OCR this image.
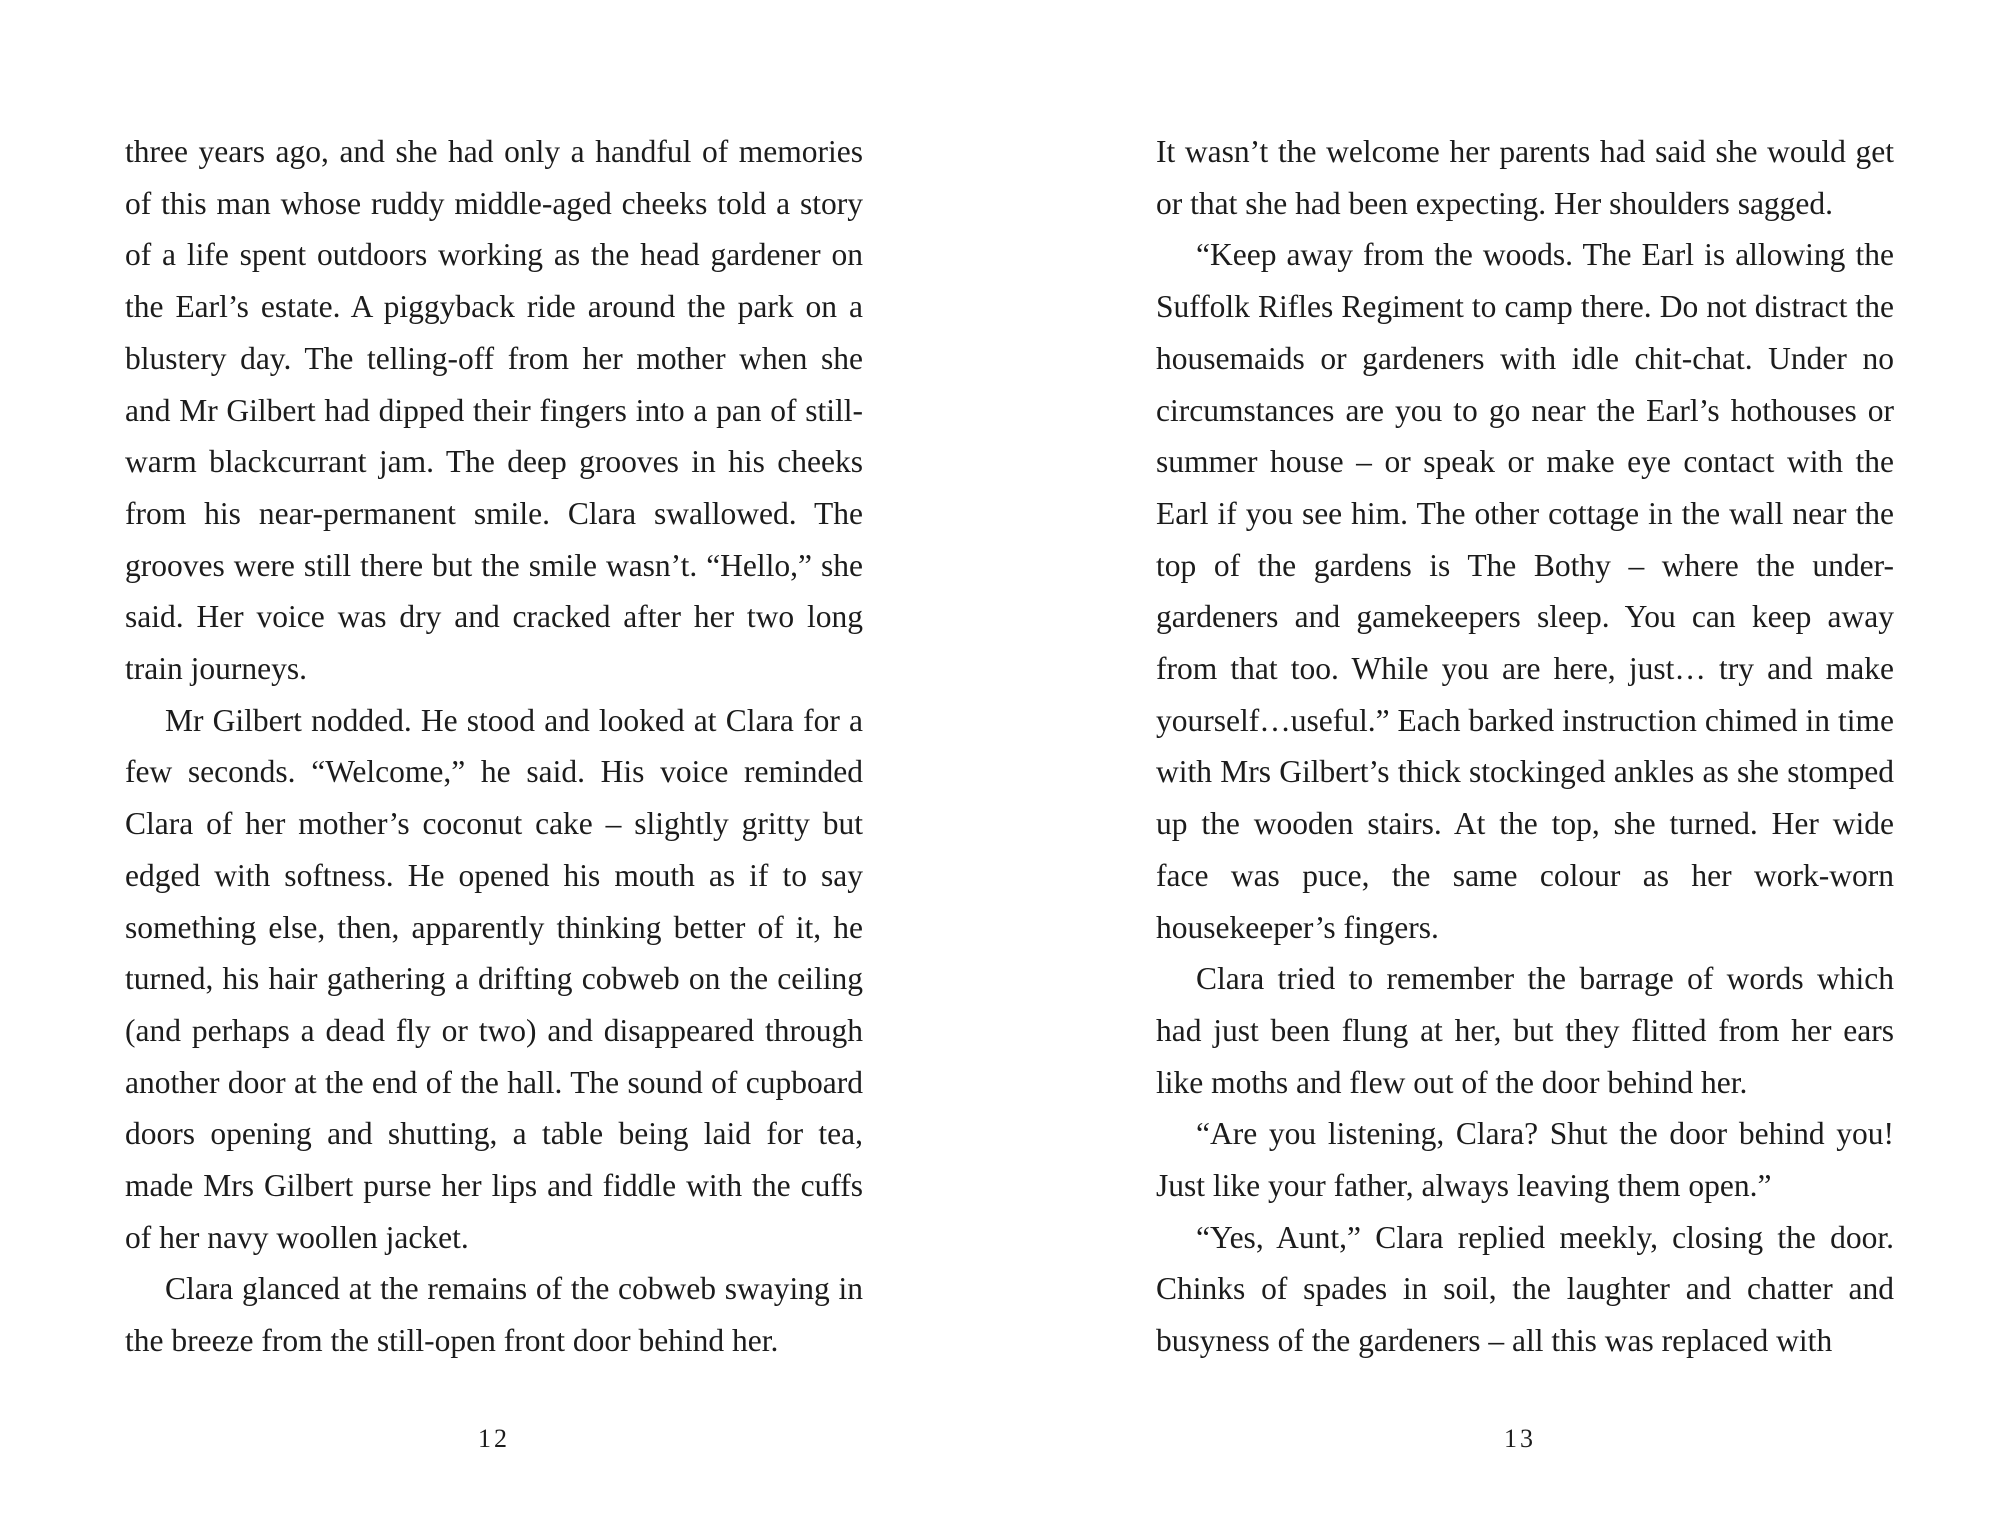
three years ago, and she had only a handful of memories of this man whose ruddy middle-aged cheeks told a story of a life spent outdoors working as the head gardener on the Earl’s estate. A piggyback ride around the park on a blustery day. The telling-off from her mother when she and Mr Gilbert had dipped their fingers into a pan of still-warm blackcurrant jam. The deep grooves in his cheeks from his near-permanent smile. Clara swallowed. The grooves were still there but the smile wasn’t. “Hello,” she said. Her voice was dry and cracked after her two long train journeys.

Mr Gilbert nodded. He stood and looked at Clara for a few seconds. “Welcome,” he said. His voice reminded Clara of her mother’s coconut cake – slightly gritty but edged with softness. He opened his mouth as if to say something else, then, apparently thinking better of it, he turned, his hair gathering a drifting cobweb on the ceiling (and perhaps a dead fly or two) and disappeared through another door at the end of the hall. The sound of cupboard doors opening and shutting, a table being laid for tea, made Mrs Gilbert purse her lips and fiddle with the cuffs of her navy woollen jacket.

Clara glanced at the remains of the cobweb swaying in the breeze from the still-open front door behind her.

12

It wasn’t the welcome her parents had said she would get or that she had been expecting. Her shoulders sagged.

“Keep away from the woods. The Earl is allowing the Suffolk Rifles Regiment to camp there. Do not distract the housemaids or gardeners with idle chit-chat. Under no circumstances are you to go near the Earl’s hothouses or summer house – or speak or make eye contact with the Earl if you see him. The other cottage in the wall near the top of the gardens is The Bothy – where the under-gardeners and gamekeepers sleep. You can keep away from that too. While you are here, just… try and make yourself…useful.” Each barked instruction chimed in time with Mrs Gilbert’s thick stockinged ankles as she stomped up the wooden stairs. At the top, she turned. Her wide face was puce, the same colour as her work-worn housekeeper’s fingers.

Clara tried to remember the barrage of words which had just been flung at her, but they flitted from her ears like moths and flew out of the door behind her.

“Are you listening, Clara? Shut the door behind you! Just like your father, always leaving them open.”

“Yes, Aunt,” Clara replied meekly, closing the door. Chinks of spades in soil, the laughter and chatter and busyness of the gardeners – all this was replaced with

13
